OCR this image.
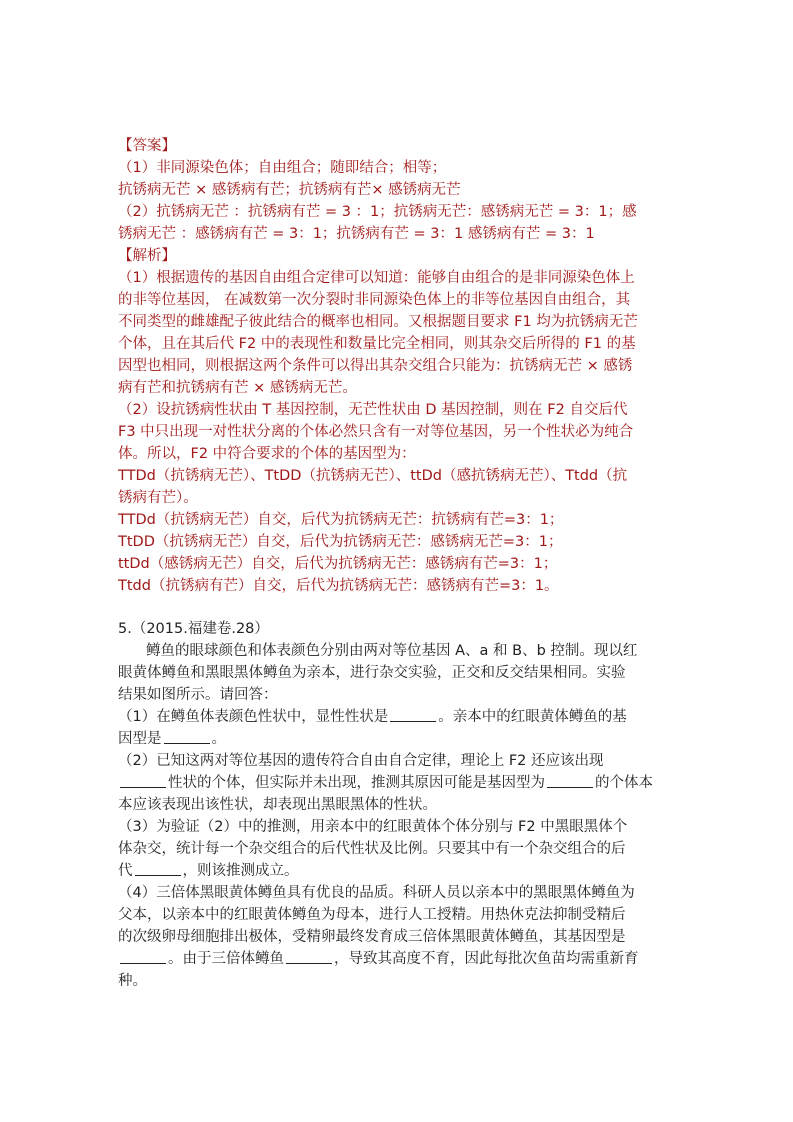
【答案】
（1）非同源染色体；自由组合；随即结合；相等；
抗锈病无芒 × 感锈病有芒；抗锈病有芒× 感锈病无芒
（2）抗锈病无芒 ：抗锈病有芒 = 3 ：1；抗锈病无芒：感锈病无芒 = 3：1；感
锈病无芒 ：感锈病有芒 = 3：1；抗锈病有芒 = 3：1 感锈病有芒 = 3：1
【解析】
（1）根据遗传的基因自由组合定律可以知道：能够自由组合的是非同源染色体上
的非等位基因， 在减数第一次分裂时非同源染色体上的非等位基因自由组合，其
不同类型的雌雄配子彼此结合的概率也相同。又根据题目要求 F1 均为抗锈病无芒
个体，且在其后代 F2 中的表现性和数量比完全相同，则其杂交后所得的 F1 的基
因型也相同，则根据这两个条件可以得出其杂交组合只能为：抗锈病无芒 × 感锈
病有芒和抗锈病有芒 × 感锈病无芒。
（2）设抗锈病性状由 T 基因控制，无芒性状由 D 基因控制，则在 F2 自交后代
F3 中只出现一对性状分离的个体必然只含有一对等位基因，另一个性状必为纯合
体。所以，F2 中符合要求的个体的基因型为：
TTDd（抗锈病无芒）、TtDD（抗锈病无芒）、ttDd（感抗锈病无芒）、Ttdd（抗
锈病有芒）。
TTDd（抗锈病无芒）自交，后代为抗锈病无芒：抗锈病有芒=3：1；
TtDD（抗锈病无芒）自交，后代为抗锈病无芒：感锈病无芒=3：1；
ttDd（感锈病无芒）自交，后代为抗锈病无芒：感锈病有芒=3：1；
Ttdd（抗锈病有芒）自交，后代为抗锈病无芒：感锈病有芒=3：1。
5.（2015.福建卷.28）
鳟鱼的眼球颜色和体表颜色分别由两对等位基因 A、a 和 B、b 控制。现以红
眼黄体鳟鱼和黑眼黑体鳟鱼为亲本，进行杂交实验，正交和反交结果相同。实验
结果如图所示。请回答：
（1）在鳟鱼体表颜色性状中，显性性状是	。亲本中的红眼黄体鳟鱼的基
因型是	。
（2）已知这两对等位基因的遗传符合自由自合定律，理论上 F2 还应该出现
性状的个体，但实际并未出现，推测其原因可能是基因型为	的个体本
本应该表现出该性状，却表现出黑眼黑体的性状。
（3）为验证（2）中的推测，用亲本中的红眼黄体个体分别与 F2 中黑眼黑体个
体杂交，统计每一个杂交组合的后代性状及比例。只要其中有一个杂交组合的后
代	，则该推测成立。
（4）三倍体黑眼黄体鳟鱼具有优良的品质。科研人员以亲本中的黑眼黑体鳟鱼为
父本，以亲本中的红眼黄体鳟鱼为母本，进行人工授精。用热休克法抑制受精后
的次级卵母细胞排出极体，受精卵最终发育成三倍体黑眼黄体鳟鱼，其基因型是
。由于三倍体鳟鱼	，导致其高度不育，因此每批次鱼苗均需重新育
种。
